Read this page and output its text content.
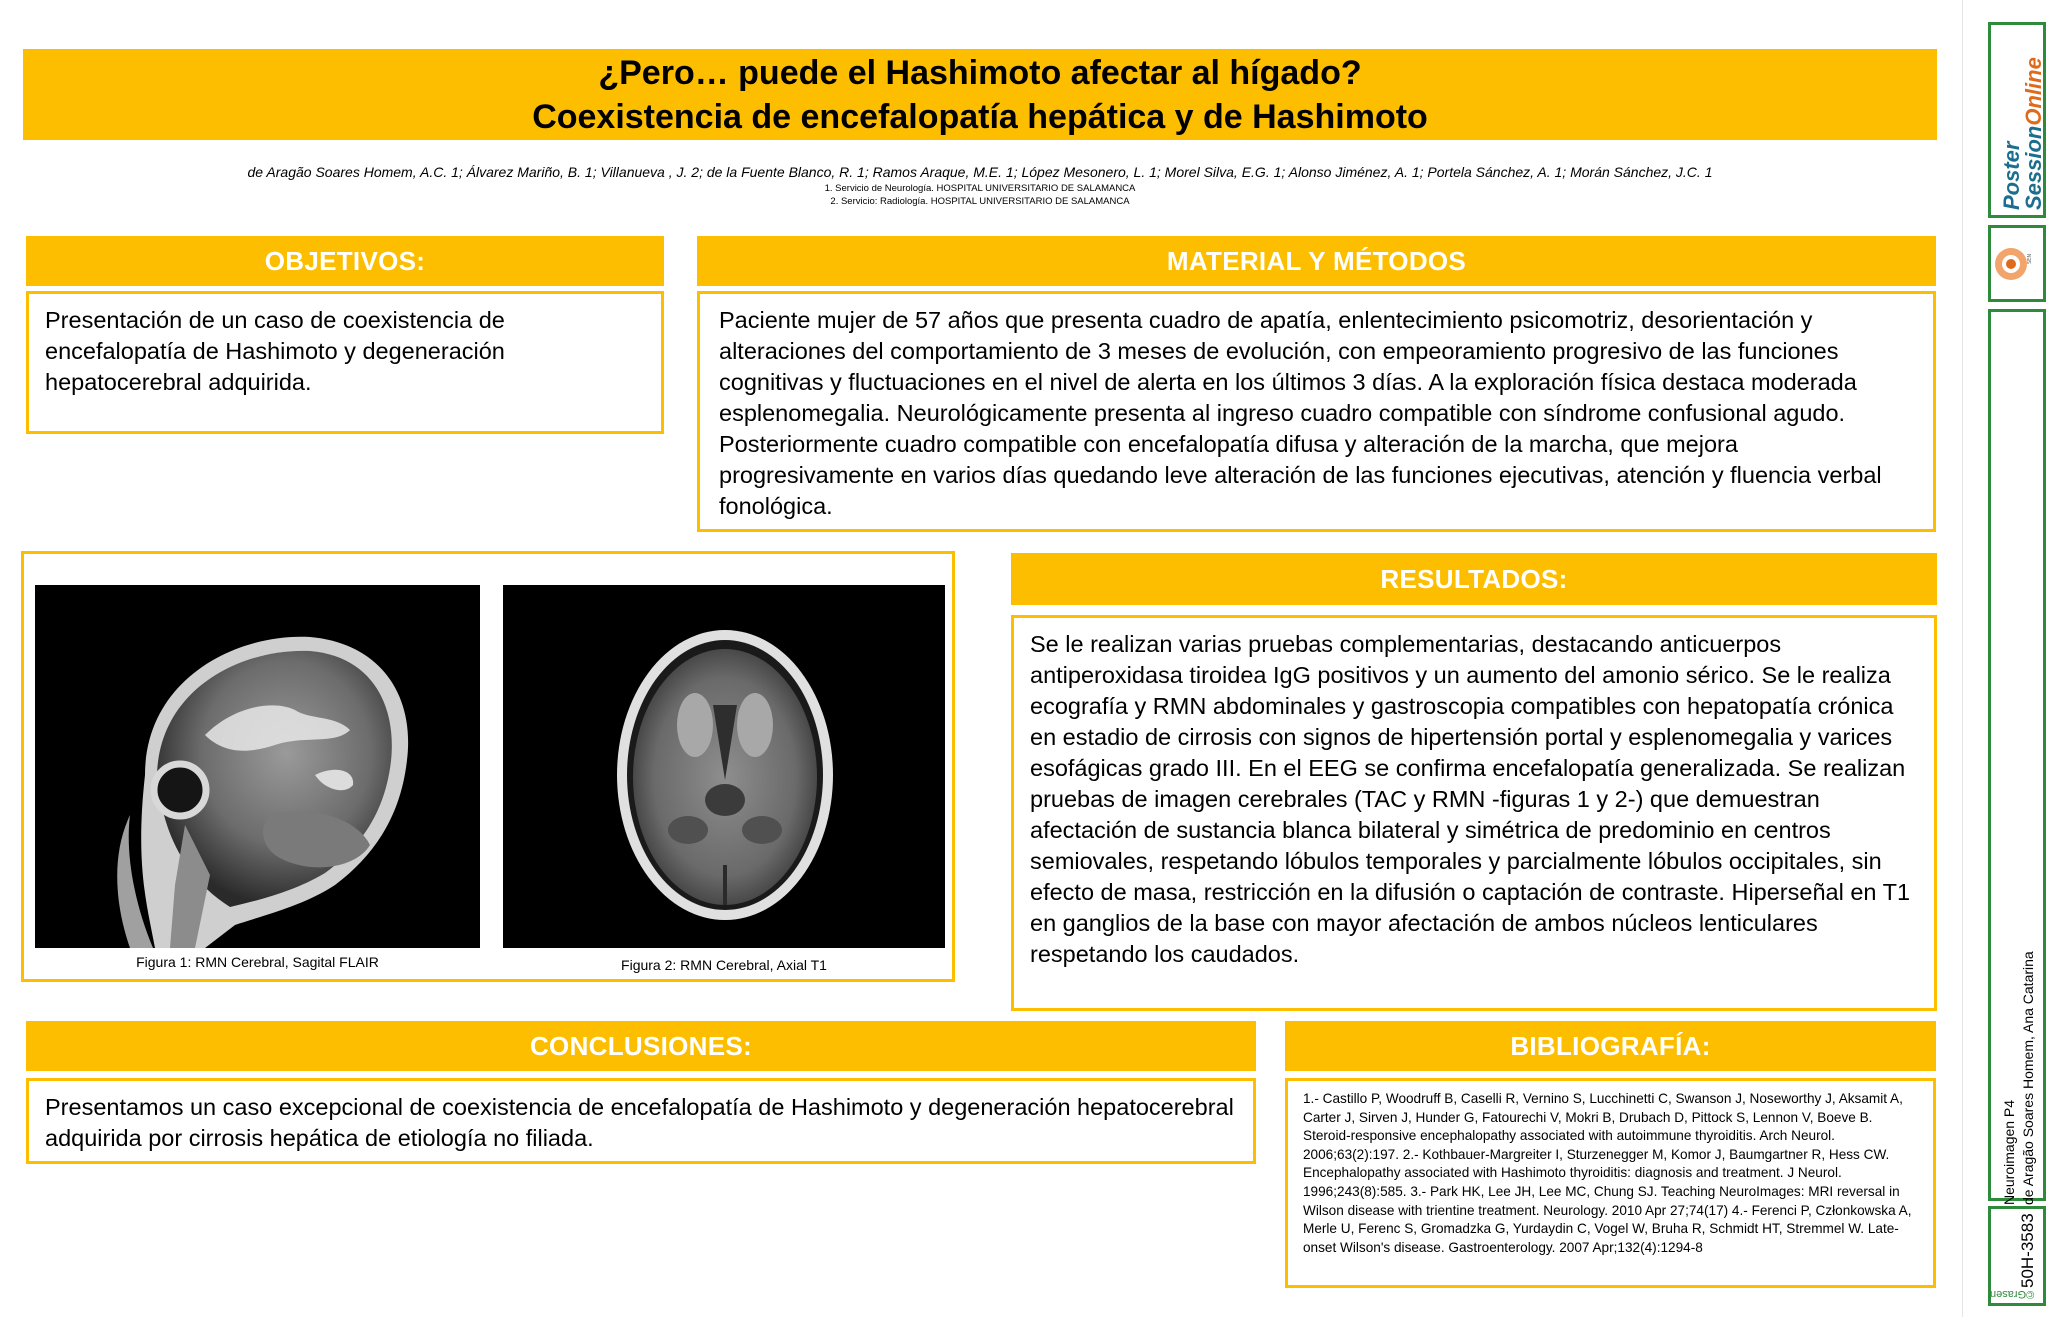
¿Pero… puede el Hashimoto afectar al hígado?
Coexistencia de encefalopatía hepática y de Hashimoto
de Aragão Soares Homem, A.C. 1; Álvarez Mariño, B. 1; Villanueva , J. 2; de la Fuente Blanco, R. 1; Ramos Araque, M.E. 1; López Mesonero, L. 1; Morel Silva, E.G. 1; Alonso Jiménez, A. 1; Portela Sánchez, A. 1; Morán Sánchez, J.C. 1
1. Servicio de Neurología. HOSPITAL UNIVERSITARIO DE SALAMANCA
2. Servicio: Radiología. HOSPITAL UNIVERSITARIO DE SALAMANCA
OBJETIVOS:
Presentación de un caso de coexistencia de encefalopatía de Hashimoto y degeneración hepatocerebral adquirida.
MATERIAL Y MÉTODOS
Paciente mujer de 57 años que presenta cuadro de apatía, enlentecimiento psicomotriz, desorientación y alteraciones del comportamiento de 3 meses de evolución, con empeoramiento progresivo de las funciones cognitivas y fluctuaciones en el nivel de alerta en los últimos 3 días. A la exploración física destaca moderada esplenomegalia. Neurológicamente presenta al ingreso cuadro compatible con síndrome confusional agudo. Posteriormente cuadro compatible con encefalopatía difusa y alteración de la marcha, que mejora progresivamente en varios días quedando leve alteración de las funciones ejecutivas, atención y fluencia verbal fonológica.
Figura 1: RMN Cerebral, Sagital FLAIR	Figura 2: RMN Cerebral, Axial T1
RESULTADOS:
Se le realizan varias pruebas complementarias, destacando anticuerpos antiperoxidasa tiroidea IgG positivos y un aumento del amonio sérico. Se le realiza ecografía y RMN abdominales y gastroscopia compatibles con hepatopatía crónica en estadio de cirrosis con signos de hipertensión portal y esplenomegalia y varices esofágicas grado III. En el EEG se confirma encefalopatía generalizada. Se realizan pruebas de imagen cerebrales (TAC y RMN -figuras 1 y 2-) que demuestran afectación de sustancia blanca bilateral y simétrica de predominio en centros semiovales, respetando lóbulos temporales y parcialmente lóbulos occipitales, sin efecto de masa, restricción en la difusión o captación de contraste. Hiperseñal en T1 en ganglios de la base con mayor afectación de ambos núcleos lenticulares respetando los caudados.
CONCLUSIONES:
Presentamos un caso excepcional de coexistencia de encefalopatía de Hashimoto y degeneración hepatocerebral adquirida por cirrosis hepática de etiología no filiada.
BIBLIOGRAFÍA:
1.- Castillo P, Woodruff B, Caselli R, Vernino S, Lucchinetti C, Swanson J, Noseworthy J, Aksamit A, Carter J, Sirven J, Hunder G, Fatourechi V, Mokri B, Drubach D, Pittock S, Lennon V, Boeve B. Steroid-responsive encephalopathy associated with autoimmune thyroiditis. Arch Neurol. 2006;63(2):197. 2.- Kothbauer-Margreiter I, Sturzenegger M, Komor J, Baumgartner R, Hess CW. Encephalopathy associated with Hashimoto thyroiditis: diagnosis and treatment. J Neurol. 1996;243(8):585. 3.- Park HK, Lee JH, Lee MC, Chung SJ. Teaching NeuroImages: MRI reversal in Wilson disease with trientine treatment. Neurology. 2010 Apr 27;74(17) 4.- Ferenci P, Członkowska A, Merle U, Ferenc S, Gromadzka G, Yurdaydin C, Vogel W, Bruha R, Schmidt HT, Stremmel W. Late-onset Wilson's disease. Gastroenterology. 2007 Apr;132(4):1294-8
Poster
SessionOnline
SEN
Neuroimagen P4 de Aragão Soares Homem, Ana Catarina
50H-3583
©Grasen
